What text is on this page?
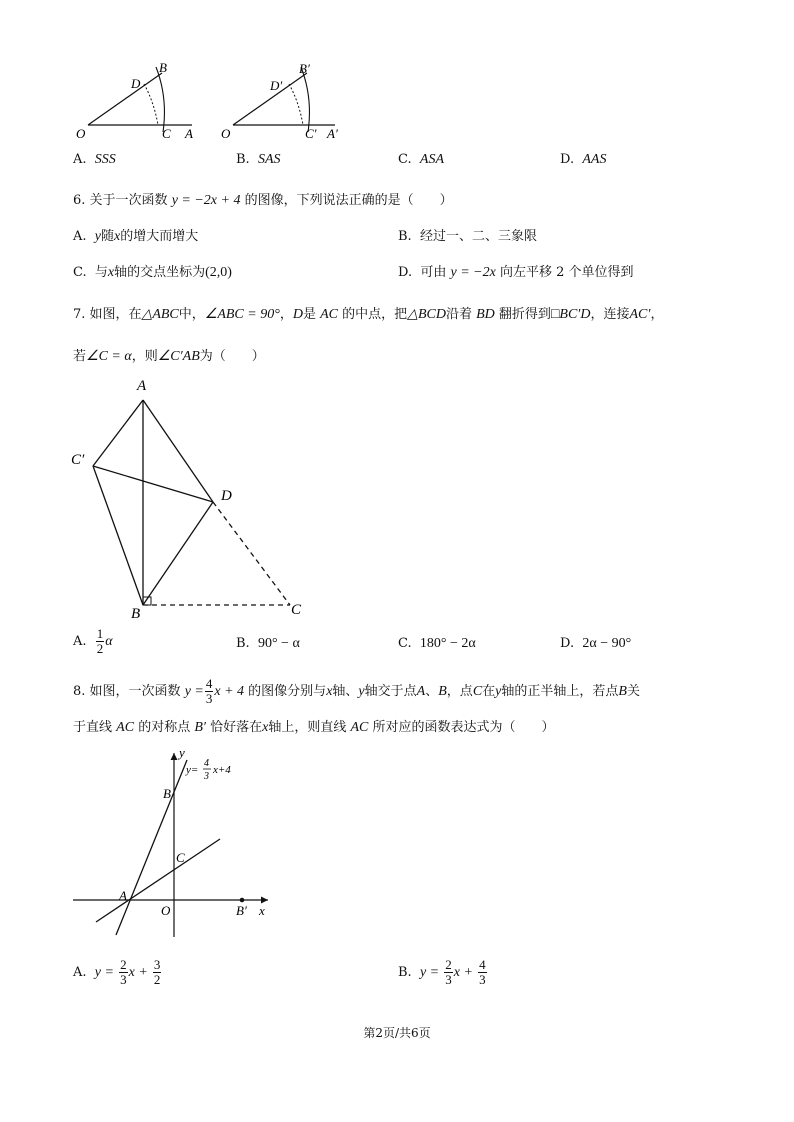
O	C A
D
B
O	C′ A′
D′
B′
A. SSS	B. SAS	C. ASA	D. AAS
6. 关于一次函数 y = −2x + 4 的图像，下列说法正确的是（　　）
A. y随x的增大而增大	B. 经过一、二、三象限
C. 与x轴的交点坐标为(2,0)	D. 可由 y = −2x 向左平移 2 个单位得到
7. 如图，在△ABC中，∠ABC = 90°，D是 AC 的中点，把△BCD沿着 BD 翻折得到□BC′D，连接AC′，
若∠C = α，则∠C′AB为（　　）
A
C′
D
B	C
A. $\frac{1}{2}$ α	B. 90° − α	C. 180° − 2α	D. 2α − 90°
8. 如图，一次函数 $y = \frac{4}{3}$ x + 4 的图像分别与x轴、y轴交于点A、B，点C在y轴的正半轴上，若点B关
于直线 AC 的对称点 B′ 恰好落在x轴上，则直线 AC 所对应的函数表达式为（　　）
y
y=
4
3
x+4
B
C
A
O	B′ x
A. $y = \frac{2}{3}$ $x + \frac{3}{2}$	B. $y = \frac{2}{3}$ $x + \frac{4}{3}$
第2页/共6页
